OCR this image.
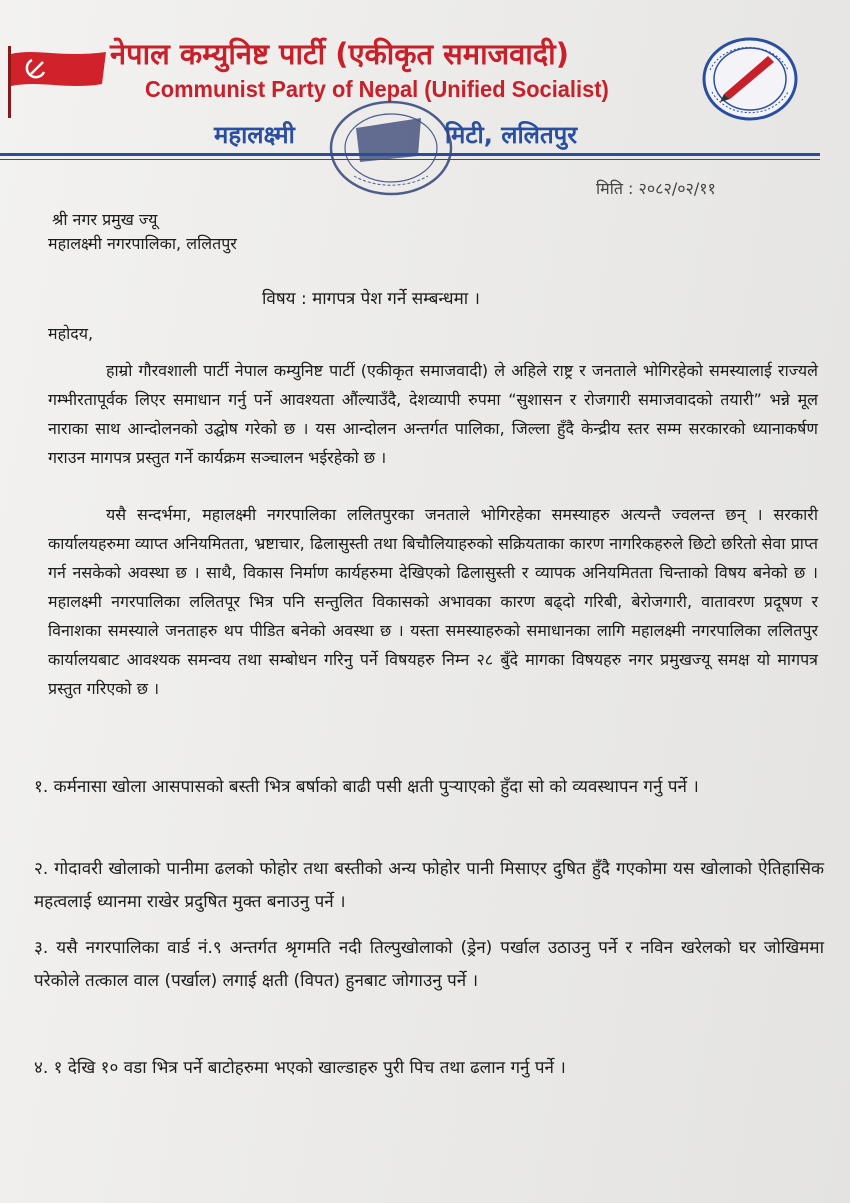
नेपाल कम्युनिष्ट पार्टी (एकीकृत समाजवादी)
Communist Party of Nepal (Unified Socialist)
महालक्ष्मी	मिटी, ललितपुर
मिति : २०८२/०२/११
श्री नगर प्रमुख ज्यू
महालक्ष्मी नगरपालिका, ललितपुर
विषय : मागपत्र पेश गर्ने सम्बन्धमा ।
महोदय,
हाम्रो गौरवशाली पार्टी नेपाल कम्युनिष्ट पार्टी (एकीकृत समाजवादी) ले अहिले राष्ट्र र जनताले भोगिरहेको समस्यालाई राज्यले गम्भीरतापूर्वक लिएर समाधान गर्नु पर्ने आवश्यता औंल्याउँदै, देशव्यापी रुपमा “सुशासन र रोजगारी समाजवादको तयारी” भन्ने मूल नाराका साथ आन्दोलनको उद्घोष गरेको छ । यस आन्दोलन अन्तर्गत पालिका, जिल्ला हुँदै केन्द्रीय स्तर सम्म सरकारको ध्यानाकर्षण गराउन मागपत्र प्रस्तुत गर्ने कार्यक्रम सञ्चालन भईरहेको छ ।
यसै सन्दर्भमा, महालक्ष्मी नगरपालिका ललितपुरका जनताले भोगिरहेका समस्याहरु अत्यन्तै ज्वलन्त छन् । सरकारी कार्यालयहरुमा व्याप्त अनियमितता, भ्रष्टाचार, ढिलासुस्ती तथा बिचौलियाहरुको सक्रियताका कारण नागरिकहरुले छिटो छरितो सेवा प्राप्त गर्न नसकेको अवस्था छ । साथै, विकास निर्माण कार्यहरुमा देखिएको ढिलासुस्ती र व्यापक अनियमितता चिन्ताको विषय बनेको छ । महालक्ष्मी नगरपालिका ललितपूर भित्र पनि सन्तुलित विकासको अभावका कारण बढ्दो गरिबी, बेरोजगारी, वातावरण प्रदूषण र विनाशका समस्याले जनताहरु थप पीडित बनेको अवस्था छ । यस्ता समस्याहरुको समाधानका लागि महालक्ष्मी नगरपालिका ललितपुर कार्यालयबाट आवश्यक समन्वय तथा सम्बोधन गरिनु पर्ने विषयहरु निम्न २८ बुँदे मागका विषयहरु नगर प्रमुखज्यू समक्ष यो मागपत्र प्रस्तुत गरिएको छ ।
१. कर्मनासा खोला आसपासको बस्ती भित्र बर्षाको बाढी पसी क्षती पुर्‍याएको हुँदा सो को व्यवस्थापन गर्नु पर्ने ।
२. गोदावरी खोलाको पानीमा ढलको फोहोर तथा बस्तीको अन्य फोहोर पानी मिसाएर दुषित हुँदै गएकोमा यस खोलाको ऐतिहासिक महत्वलाई ध्यानमा राखेर प्रदुषित मुक्त बनाउनु पर्ने ।
३. यसै नगरपालिका वार्ड नं.९ अन्तर्गत श्रृगमति नदी तिल्पुखोलाको (ड्रेन) पर्खाल उठाउनु पर्ने र नविन खरेलको घर जोखिममा परेकोले तत्काल वाल (पर्खाल) लगाई क्षती (विपत) हुनबाट जोगाउनु पर्ने ।
४. १ देखि १० वडा भित्र पर्ने बाटोहरुमा भएको खाल्डाहरु पुरी पिच तथा ढलान गर्नु पर्ने ।
